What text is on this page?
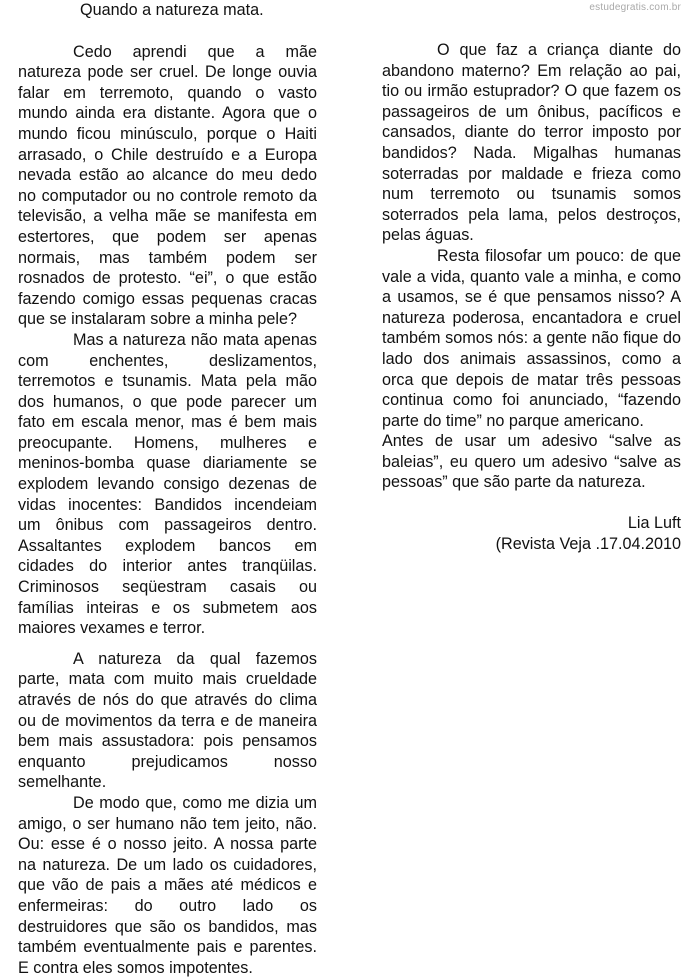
estudegratis.com.br

Quando a natureza mata.

Cedo aprendi que a mãe natureza pode ser cruel. De longe ouvia falar em terremoto, quando o vasto mundo ainda era distante. Agora que o mundo ficou minúsculo, porque o Haiti arrasado, o Chile destruído e a Europa nevada estão ao alcance do meu dedo no computador ou no controle remoto da televisão, a velha mãe se manifesta em estertores, que podem ser apenas normais, mas também podem ser rosnados de protesto. “ei”, o que estão fazendo comigo essas pequenas cracas que se instalaram sobre a minha pele?

Mas a natureza não mata apenas com enchentes, deslizamentos, terremotos e tsunamis. Mata pela mão dos humanos, o que pode parecer um fato em escala menor, mas é bem mais preocupante. Homens, mulheres e meninos-bomba quase diariamente se explodem levando consigo dezenas de vidas inocentes: Bandidos incendeiam um ônibus com passageiros dentro. Assaltantes explodem bancos em cidades do interior antes tranqüilas. Criminosos seqüestram casais ou famílias inteiras e os submetem aos maiores vexames e terror.

A natureza da qual fazemos parte, mata com muito mais crueldade através de nós do que através do clima ou de movimentos da terra e de maneira bem mais assustadora: pois pensamos enquanto prejudicamos nosso semelhante.

De modo que, como me dizia um amigo, o ser humano não tem jeito, não. Ou: esse é o nosso jeito. A nossa parte na natureza. De um lado os cuidadores, que vão de pais a mães até médicos e enfermeiras: do outro lado os destruidores que são os bandidos, mas também eventualmente pais e parentes. E contra eles somos impotentes.

O que faz a criança diante do abandono materno? Em relação ao pai, tio ou irmão estuprador? O que fazem os passageiros de um ônibus, pacíficos e cansados, diante do terror imposto por bandidos? Nada. Migalhas humanas soterradas por maldade e frieza como num terremoto ou tsunamis somos soterrados pela lama, pelos destroços, pelas águas.

Resta filosofar um pouco: de que vale a vida, quanto vale a minha, e como a usamos, se é que pensamos nisso? A natureza poderosa, encantadora e cruel também somos nós: a gente não fique do lado dos animais assassinos, como a orca que depois de matar três pessoas continua como foi anunciado, “fazendo parte do time” no parque americano.

Antes de usar um adesivo “salve as baleias”, eu quero um adesivo “salve as pessoas” que são parte da natureza.

Lia Luft

(Revista Veja .17.04.2010
